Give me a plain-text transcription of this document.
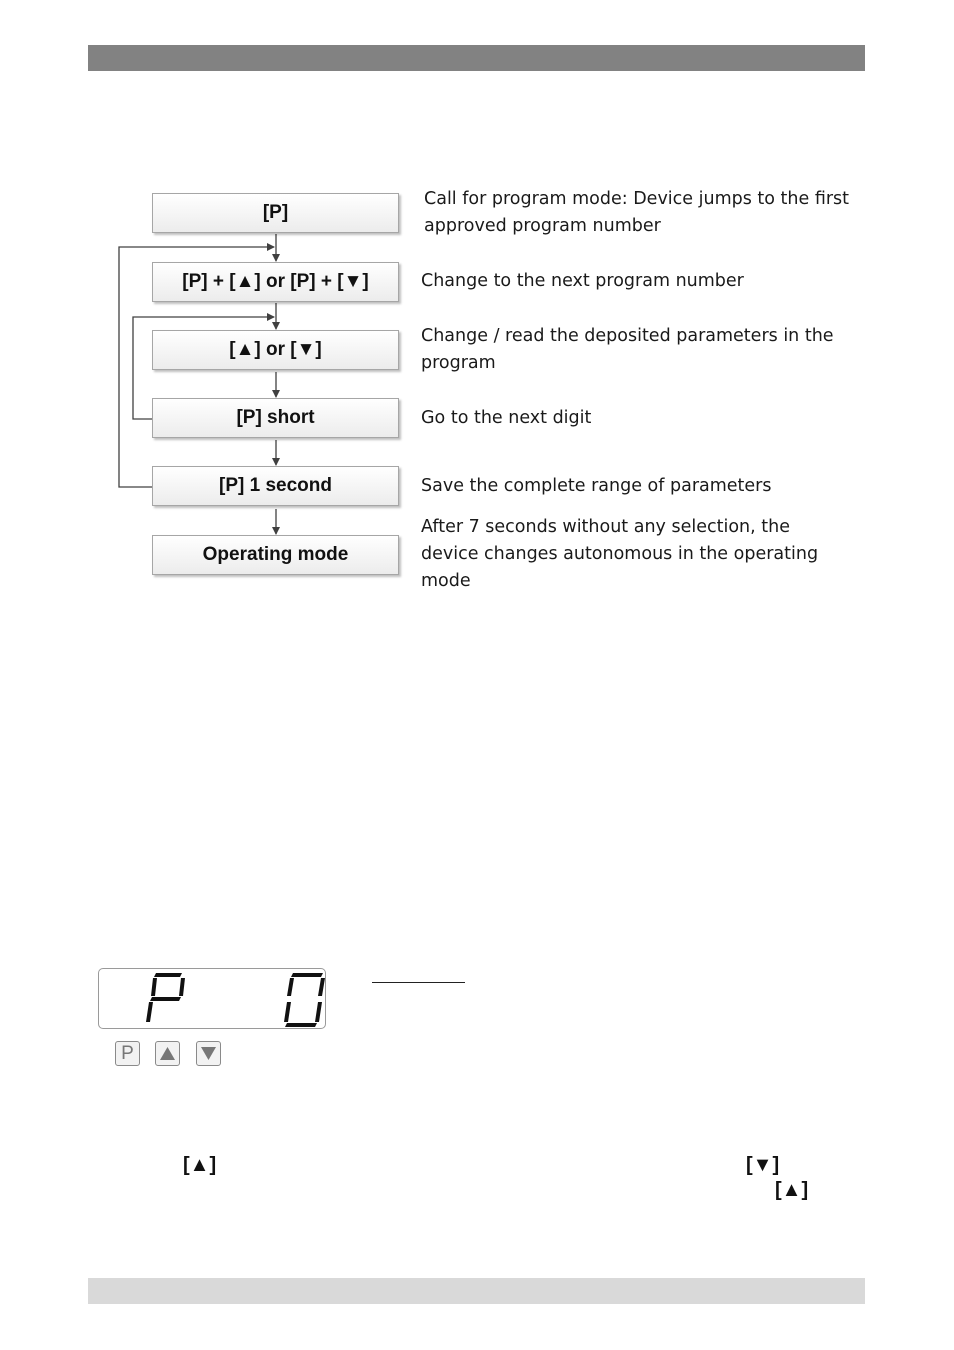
[P]
[P] + [▲] or [P] + [▼]
[▲] or [▼]
[P] short
[P] 1 second
Operating mode
Call for program mode: Device jumps to the first approved program number
Change to the next program number
Change / read the deposited parameters in the program
Go to the next digit
Save the complete range of parameters
After 7 seconds without any selection, the device changes autonomous in the operating mode
P
[▲]	[▼]
[▲]
